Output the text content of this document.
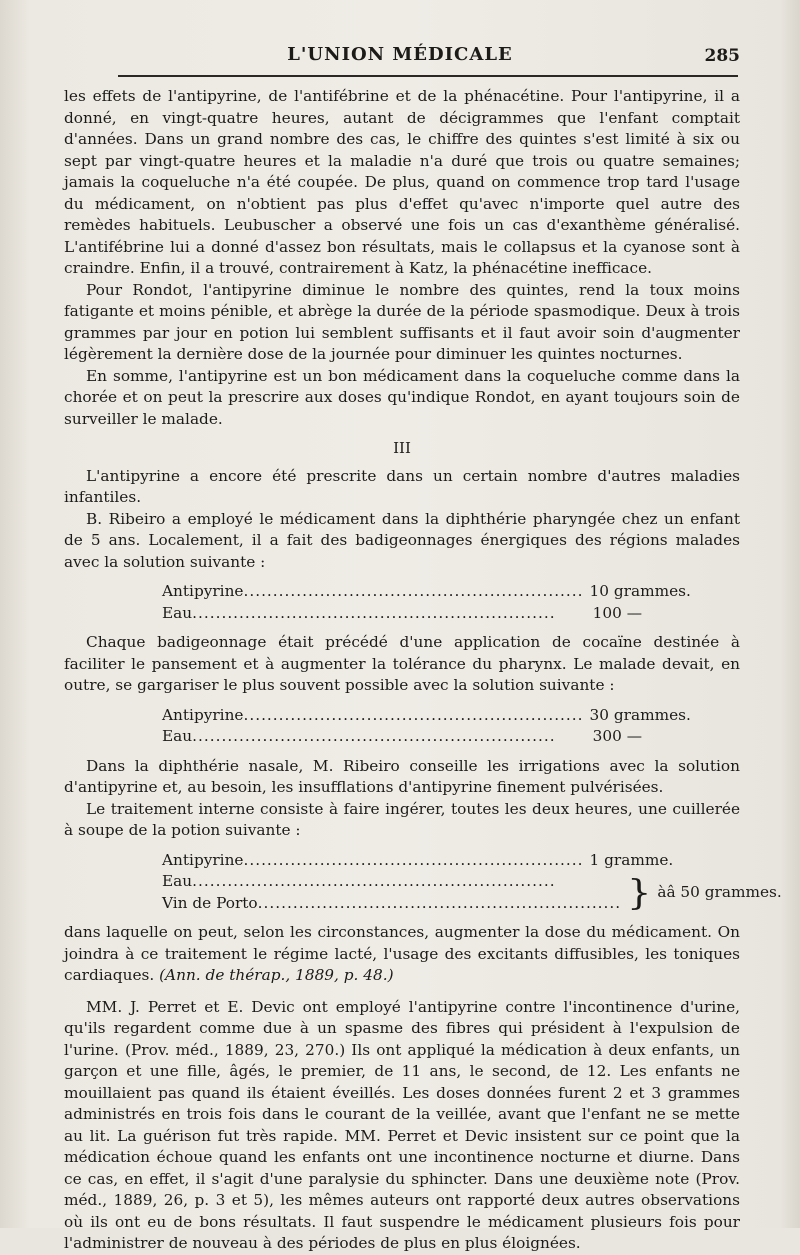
L'UNION MÉDICALE	285

les effets de l'antipyrine, de l'antifébrine et de la phénacétine. Pour l'antipyrine, il a donné, en vingt-quatre heures, autant de décigrammes que l'enfant comptait d'années. Dans un grand nombre des cas, le chiffre des quintes s'est limité à six ou sept par vingt-quatre heures et la maladie n'a duré que trois ou quatre semaines; jamais la coqueluche n'a été coupée. De plus, quand on commence trop tard l'usage du médicament, on n'obtient pas plus d'effet qu'avec n'importe quel autre des remèdes habituels. Leubuscher a observé une fois un cas d'exanthème généralisé. L'antifébrine lui a donné d'assez bon résultats, mais le collapsus et la cyanose sont à craindre. Enfin, il a trouvé, contrairement à Katz, la phénacétine inefficace.

Pour Rondot, l'antipyrine diminue le nombre des quintes, rend la toux moins fatigante et moins pénible, et abrège la durée de la période spasmodique. Deux à trois grammes par jour en potion lui semblent suffisants et il faut avoir soin d'augmenter légèrement la dernière dose de la journée pour diminuer les quintes nocturnes.

En somme, l'antipyrine est un bon médicament dans la coqueluche comme dans la chorée et on peut la prescrire aux doses qu'indique Rondot, en ayant toujours soin de surveiller le malade.

III

L'antipyrine a encore été prescrite dans un certain nombre d'autres maladies infantiles.

B. Ribeiro a employé le médicament dans la diphthérie pharyngée chez un enfant de 5 ans. Localement, il a fait des badigeonnages énergiques des régions malades avec la solution suivante :

Antipyrine .......................................................... 10 grammes.
Eau ..............................................................	100 —

Chaque badigeonnage était précédé d'une application de cocaïne destinée à faciliter le pansement et à augmenter la tolérance du pharynx. Le malade devait, en outre, se gargariser le plus souvent possible avec la solution suivante :

Antipyrine .......................................................... 30 grammes.
Eau ..............................................................	300 —

Dans la diphthérie nasale, M. Ribeiro conseille les irrigations avec la solution d'antipyrine et, au besoin, les insufflations d'antipyrine finement pulvérisées.

Le traitement interne consiste à faire ingérer, toutes les deux heures, une cuillerée à soupe de la potion suivante :

Antipyrine .......................................................... 1 gramme.
Eau ..............................................................
Vin de Porto .............................................................. } àâ 50 grammes.

dans laquelle on peut, selon les circonstances, augmenter la dose du médicament. On joindra à ce traitement le régime lacté, l'usage des excitants diffusibles, les toniques cardiaques. (Ann. de thérap., 1889, p. 48.)

MM. J. Perret et E. Devic ont employé l'antipyrine contre l'incontinence d'urine, qu'ils regardent comme due à un spasme des fibres qui président à l'expulsion de l'urine. (Prov. méd., 1889, 23, 270.) Ils ont appliqué la médication à deux enfants, un garçon et une fille, âgés, le premier, de 11 ans, le second, de 12. Les enfants ne mouillaient pas quand ils étaient éveillés. Les doses données furent 2 et 3 grammes administrés en trois fois dans le courant de la veillée, avant que l'enfant ne se mette au lit. La guérison fut très rapide. MM. Perret et Devic insistent sur ce point que la médication échoue quand les enfants ont une incontinence nocturne et diurne. Dans ce cas, en effet, il s'agit d'une paralysie du sphincter. Dans une deuxième note (Prov. méd., 1889, 26, p. 3 et 5), les mêmes auteurs ont rapporté deux autres observations où ils ont eu de bons résultats. Il faut suspendre le médicament plusieurs fois pour l'administrer de nouveau à des périodes de plus en plus éloignées.
